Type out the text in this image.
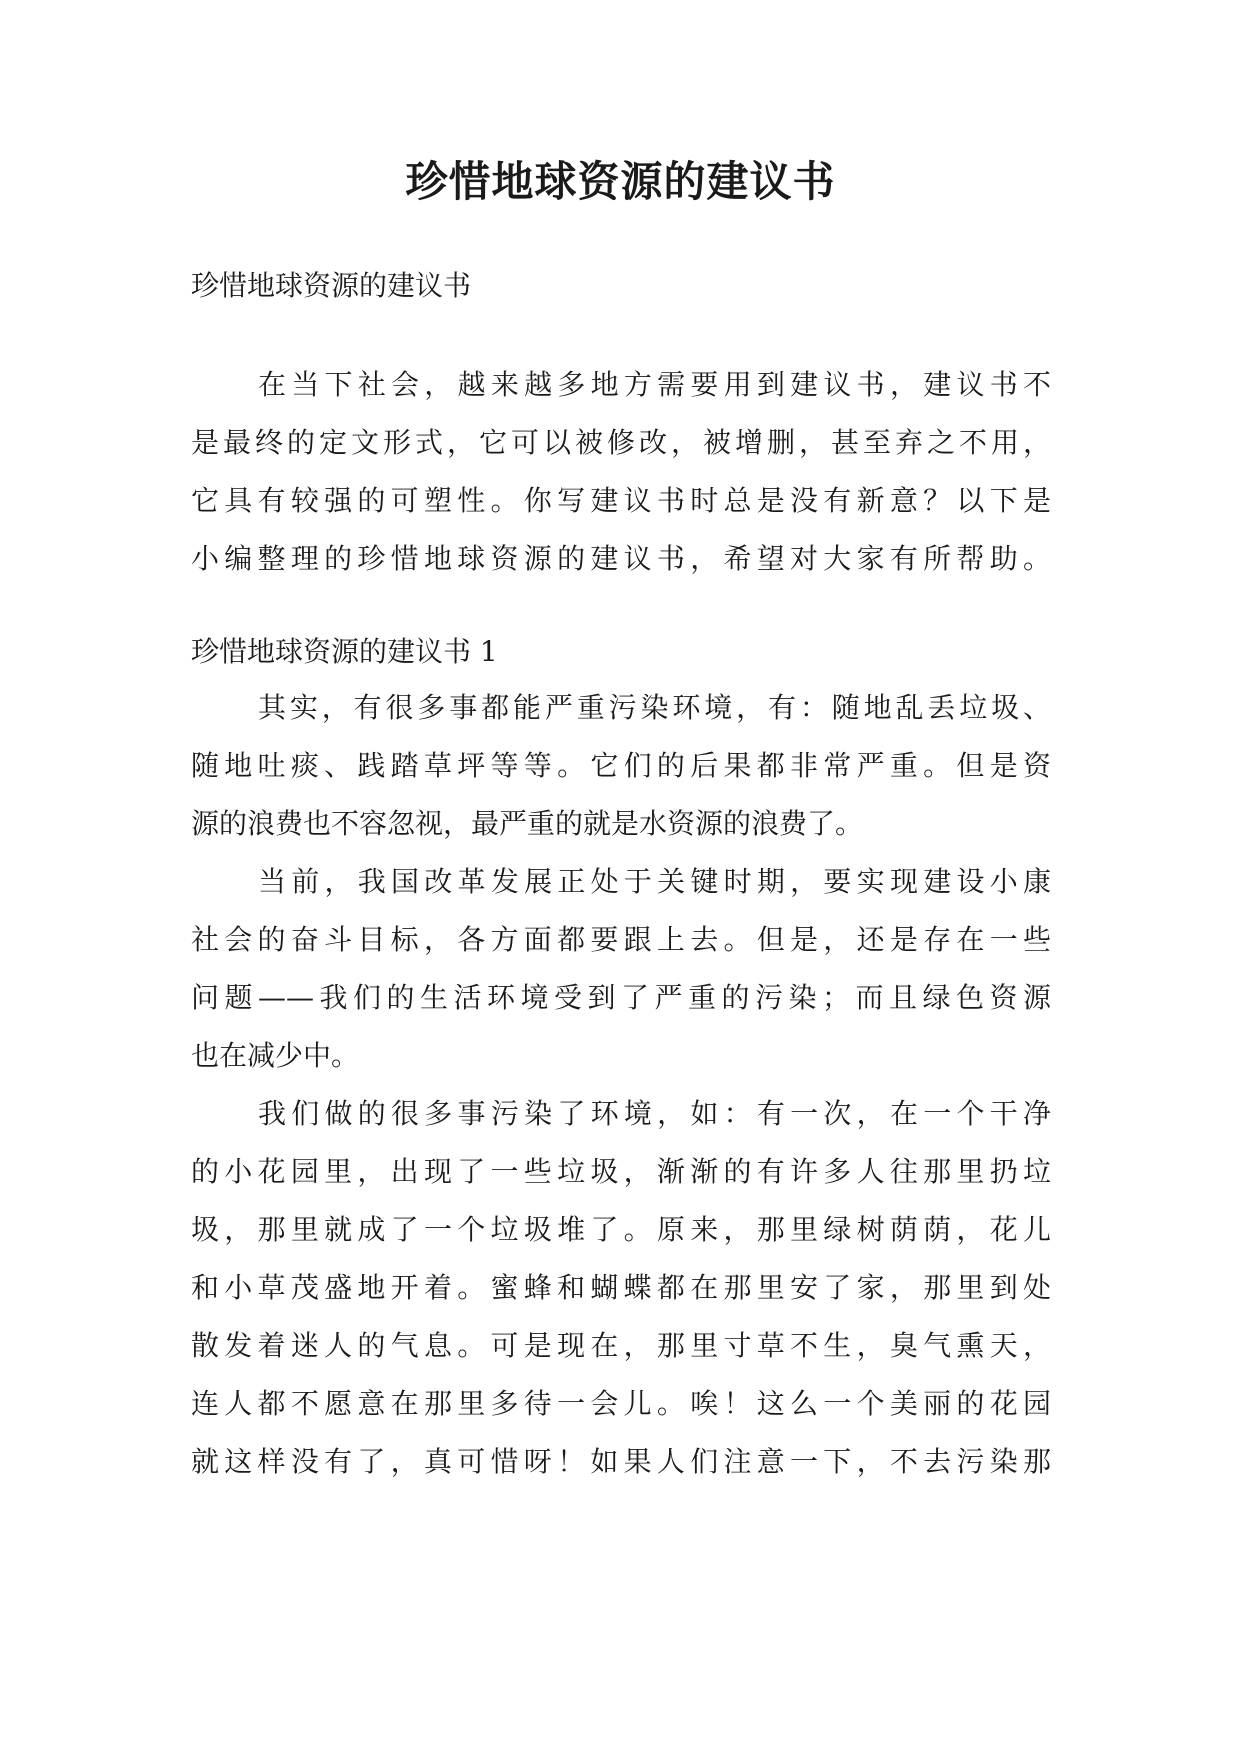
珍惜地球资源的建议书
珍惜地球资源的建议书
在当下社会，越来越多地方需要用到建议书，建议书不
是最终的定文形式，它可以被修改，被增删，甚至弃之不用，
它具有较强的可塑性。你写建议书时总是没有新意？以下是
小编整理的珍惜地球资源的建议书，希望对大家有所帮助。
珍惜地球资源的建议书 1
其实，有很多事都能严重污染环境，有：随地乱丢垃圾、
随地吐痰、践踏草坪等等。它们的后果都非常严重。但是资
源的浪费也不容忽视，最严重的就是水资源的浪费了。
当前，我国改革发展正处于关键时期，要实现建设小康
社会的奋斗目标，各方面都要跟上去。但是，还是存在一些
问题——我们的生活环境受到了严重的污染；而且绿色资源
也在减少中。
我们做的很多事污染了环境，如：有一次，在一个干净
的小花园里，出现了一些垃圾，渐渐的有许多人往那里扔垃
圾，那里就成了一个垃圾堆了。原来，那里绿树荫荫，花儿
和小草茂盛地开着。蜜蜂和蝴蝶都在那里安了家，那里到处
散发着迷人的气息。可是现在，那里寸草不生，臭气熏天，
连人都不愿意在那里多待一会儿。唉！这么一个美丽的花园
就这样没有了，真可惜呀！如果人们注意一下，不去污染那
